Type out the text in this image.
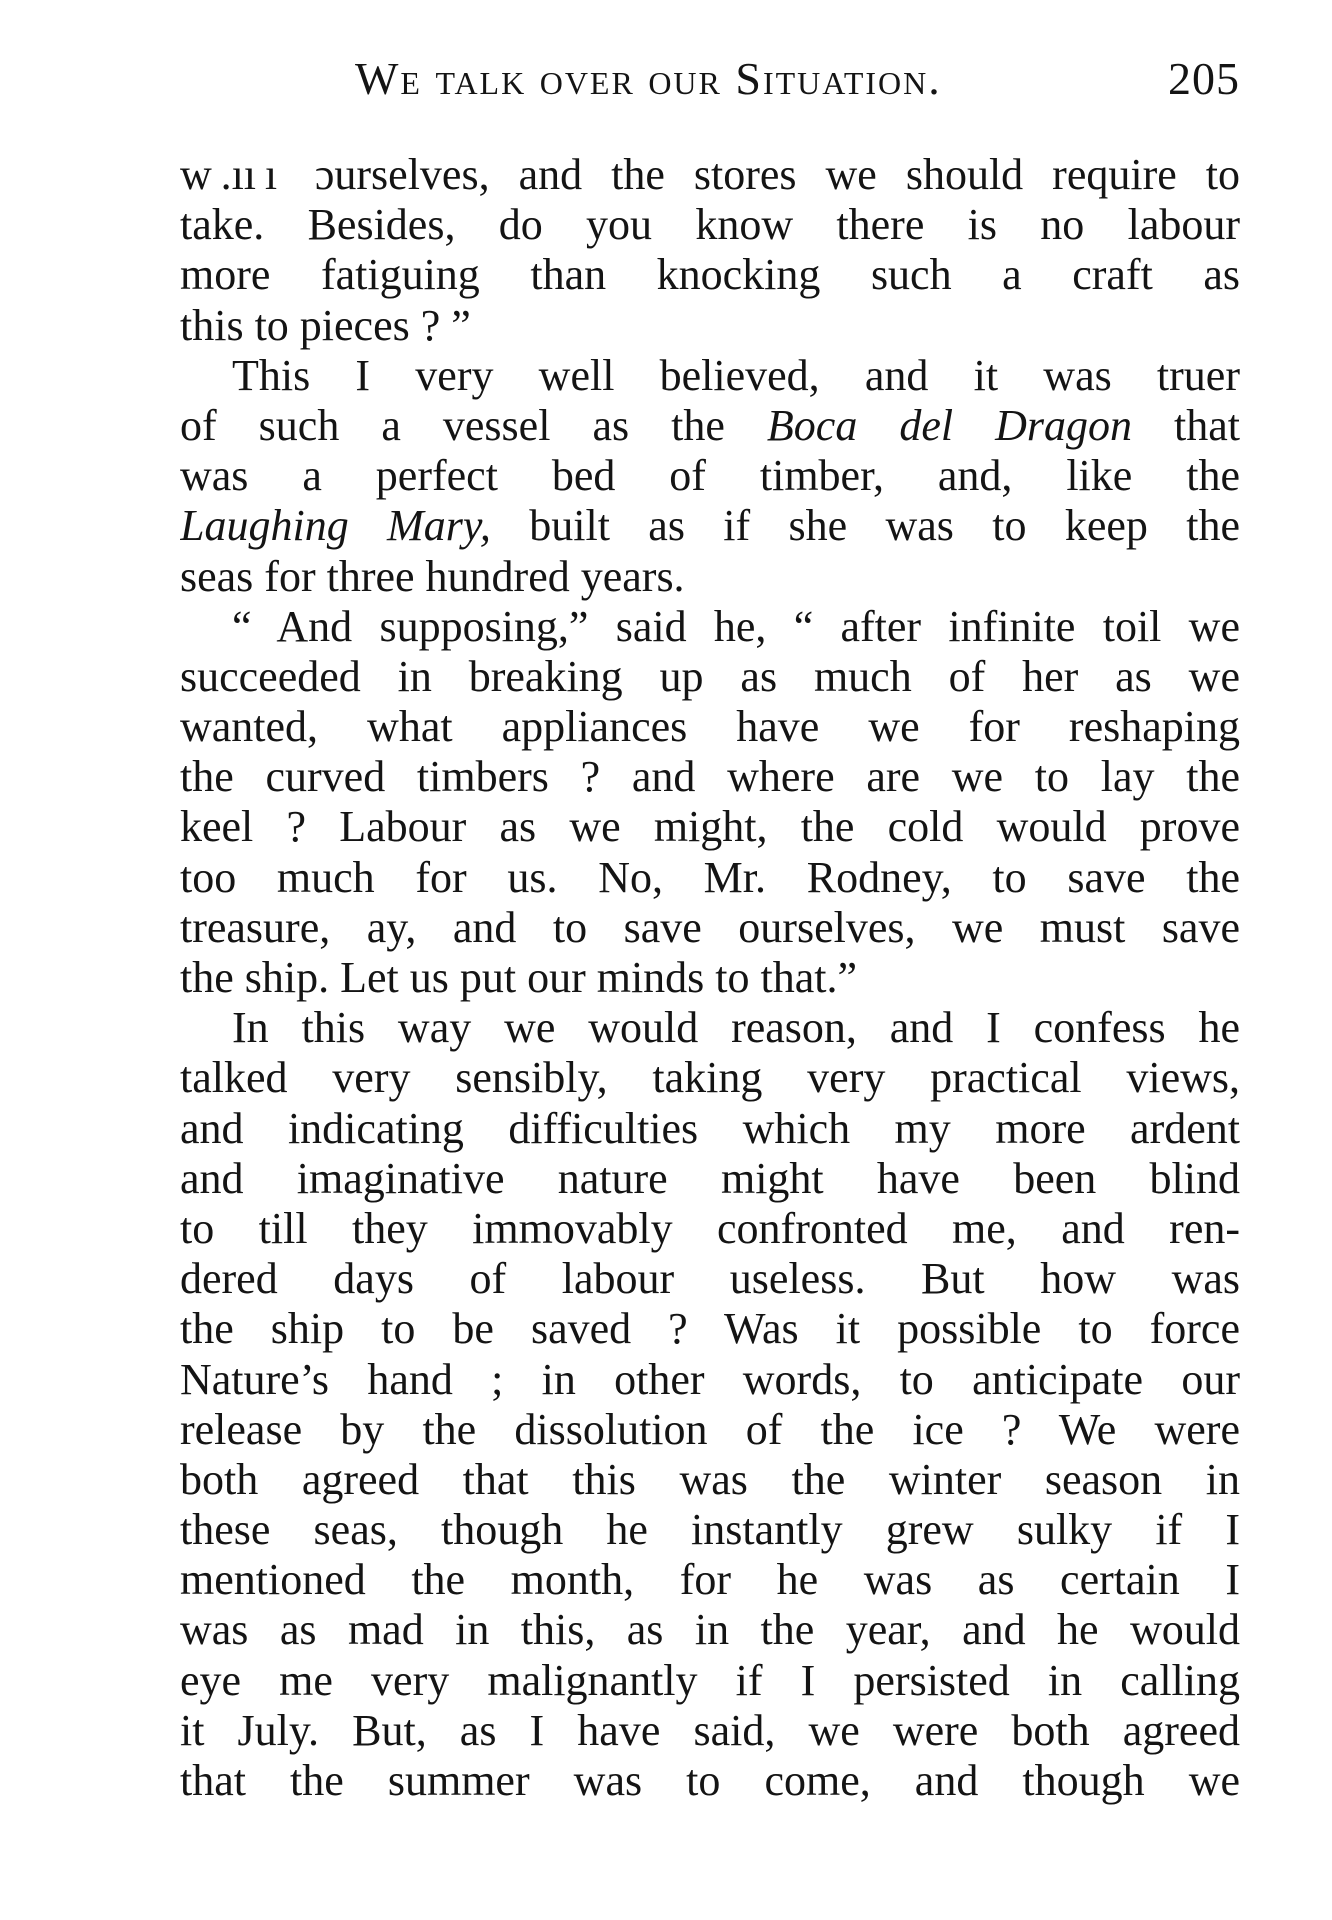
We talk over our Situation.	205
w .ıı ı  ɔurselves, and the stores we should require to
take. Besides, do you know there is no labour
more fatiguing than knocking such a craft as
this to pieces ? ”
This I very well believed, and it was truer
of such a vessel as the Boca del Dragon that
was a perfect bed of timber, and, like the
Laughing Mary, built as if she was to keep the
seas for three hundred years.
“ And supposing,” said he, “ after infinite toil we
succeeded in breaking up as much of her as we
wanted, what appliances have we for reshaping
the curved timbers ? and where are we to lay the
keel ? Labour as we might, the cold would prove
too much for us. No, Mr. Rodney, to save the
treasure, ay, and to save ourselves, we must save
the ship. Let us put our minds to that.”
In this way we would reason, and I confess he
talked very sensibly, taking very practical views,
and indicating difficulties which my more ardent
and imaginative nature might have been blind
to till they immovably confronted me, and ren-
dered days of labour useless. But how was
the ship to be saved ? Was it possible to force
Nature’s hand ; in other words, to anticipate our
release by the dissolution of the ice ? We were
both agreed that this was the winter season in
these seas, though he instantly grew sulky if I
mentioned the month, for he was as certain I
was as mad in this, as in the year, and he would
eye me very malignantly if I persisted in calling
it July. But, as I have said, we were both agreed
that the summer was to come, and though we
